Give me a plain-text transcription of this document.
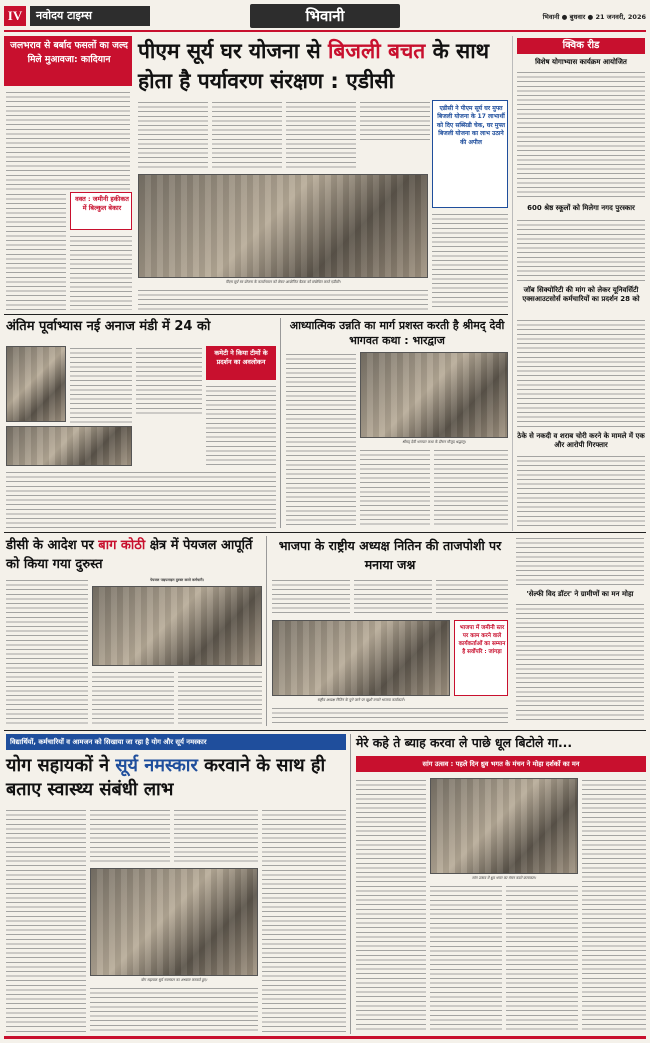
IV	नवोदय टाइम्स	भिवानी	भिवानी ● बुधवार ● 21 जनवरी, 2026
जलभराव से बर्बाद फसलों का जल्द मिले मुआवजा: कादियान
वक्त : जमीनी हकीकत में बिल्कुल बेकार
पीएम सूर्य घर योजना से बिजली बचत के साथ होता है पर्यावरण संरक्षण : एडीसी
पीएम सूर्य घर योजना के कार्यान्वयन को लेकर आयोजित बैठक को संबोधित करते एडीसी।
एडीसी ने पीएम सूर्य घर मुफ्त बिजली योजना के 17 लाभार्थी को दिए सब्सिडी चेक, घर मुफ्त बिजली योजना का लाभ उठाने की अपील
क्विक रीड
विशेष योगाभ्यास कार्यक्रम आयोजित
600 श्रेष्ठ स्कूलों को मिलेगा नगद पुरस्कार
जॉब सिक्योरिटी की मांग को लेकर यूनिवर्सिटी एक्सआउटसोर्स कर्मचारियों का प्रदर्शन 28 को
ठेके से नकदी व शराब चोरी करने के मामले में एक और आरोपी गिरफ्तार
अंतिम पूर्वाभ्यास नई अनाज मंडी में 24 को
कमेटी ने किया टीमों के प्रदर्शन का अवलोकन
आध्यात्मिक उन्नति का मार्ग प्रशस्त करती है श्रीमद् देवी भागवत कथा : भारद्वाज
श्रीमद् देवी भागवत कथा के दौरान मौजूद श्रद्धालु।
'सेल्फी विद डॉटर' ने ग्रामीणों का मन मोहा
डीसी के आदेश पर बाग कोठी क्षेत्र में पेयजल आपूर्ति को किया गया दुरुस्त
पेयजल पाइपलाइन दुरुस्त करते कर्मचारी।
भाजपा के राष्ट्रीय अध्यक्ष नितिन की ताजपोशी पर मनाया जश्न
भाजपा में जमीनी स्तर पर काम करने वाले कार्यकर्ताओं का सम्मान है सर्वोपरि : जांगड़ा
राष्ट्रीय अध्यक्ष नितिन के चुने जाने पर खुशी मनाते भाजपा कार्यकर्ता।
विद्यार्थियों, कर्मचारियों व आमजन को सिखाया जा रहा है योग और सूर्य नमस्कार
योग सहायकों ने सूर्य नमस्कार करवाने के साथ ही बताए स्वास्थ्य संबंधी लाभ
योग सहायक सूर्य नमस्कार का अभ्यास करवाते हुए।
मेरे कहे ते ब्याह करवा ले पाछे धूल बिटोले गा...
सांग उत्सव : पहले दिन ध्रुव भगत के मंचन ने मोहा दर्शकों का मन
सांग उत्सव में ध्रुव भगत का मंचन करते कलाकार।
